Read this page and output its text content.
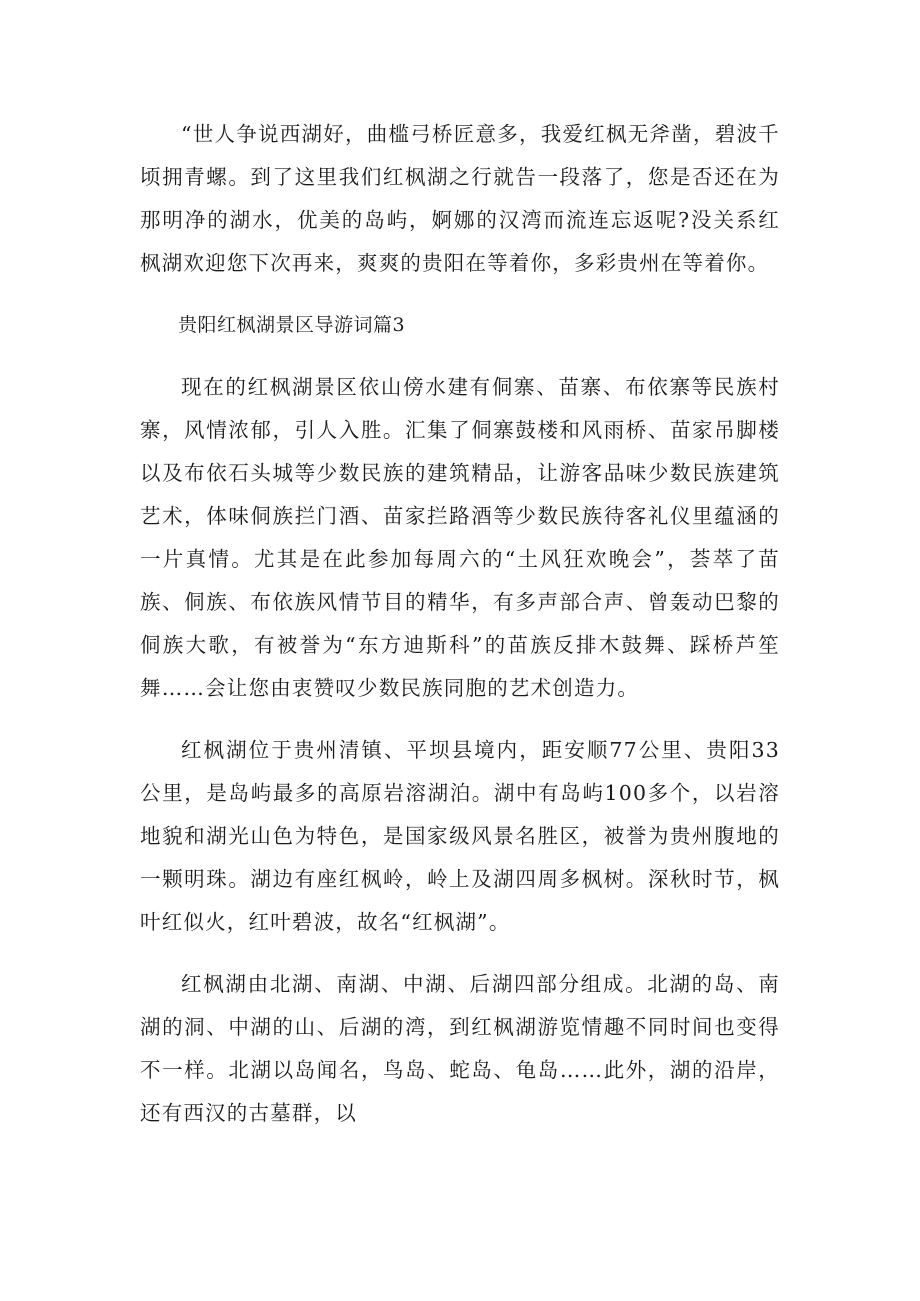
“世人争说西湖好，曲槛弓桥匠意多，我爱红枫无斧凿，碧波千顷拥青螺。到了这里我们红枫湖之行就告一段落了，您是否还在为那明净的湖水，优美的岛屿，婀娜的汉湾而流连忘返呢?没关系红枫湖欢迎您下次再来，爽爽的贵阳在等着你，多彩贵州在等着你。

贵阳红枫湖景区导游词篇3

现在的红枫湖景区依山傍水建有侗寨、苗寨、布依寨等民族村寨，风情浓郁，引人入胜。汇集了侗寨鼓楼和风雨桥、苗家吊脚楼以及布依石头城等少数民族的建筑精品，让游客品味少数民族建筑艺术，体味侗族拦门酒、苗家拦路酒等少数民族待客礼仪里蕴涵的一片真情。尤其是在此参加每周六的“土风狂欢晚会”，荟萃了苗族、侗族、布依族风情节目的精华，有多声部合声、曾轰动巴黎的侗族大歌，有被誉为“东方迪斯科”的苗族反排木鼓舞、踩桥芦笙舞……会让您由衷赞叹少数民族同胞的艺术创造力。

红枫湖位于贵州清镇、平坝县境内，距安顺77公里、贵阳33公里，是岛屿最多的高原岩溶湖泊。湖中有岛屿100多个，以岩溶地貌和湖光山色为特色，是国家级风景名胜区，被誉为贵州腹地的一颗明珠。湖边有座红枫岭，岭上及湖四周多枫树。深秋时节，枫叶红似火，红叶碧波，故名“红枫湖”。

红枫湖由北湖、南湖、中湖、后湖四部分组成。北湖的岛、南湖的洞、中湖的山、后湖的湾，到红枫湖游览情趣不同时间也变得不一样。北湖以岛闻名，鸟岛、蛇岛、龟岛……此外，湖的沿岸，还有西汉的古墓群，以
